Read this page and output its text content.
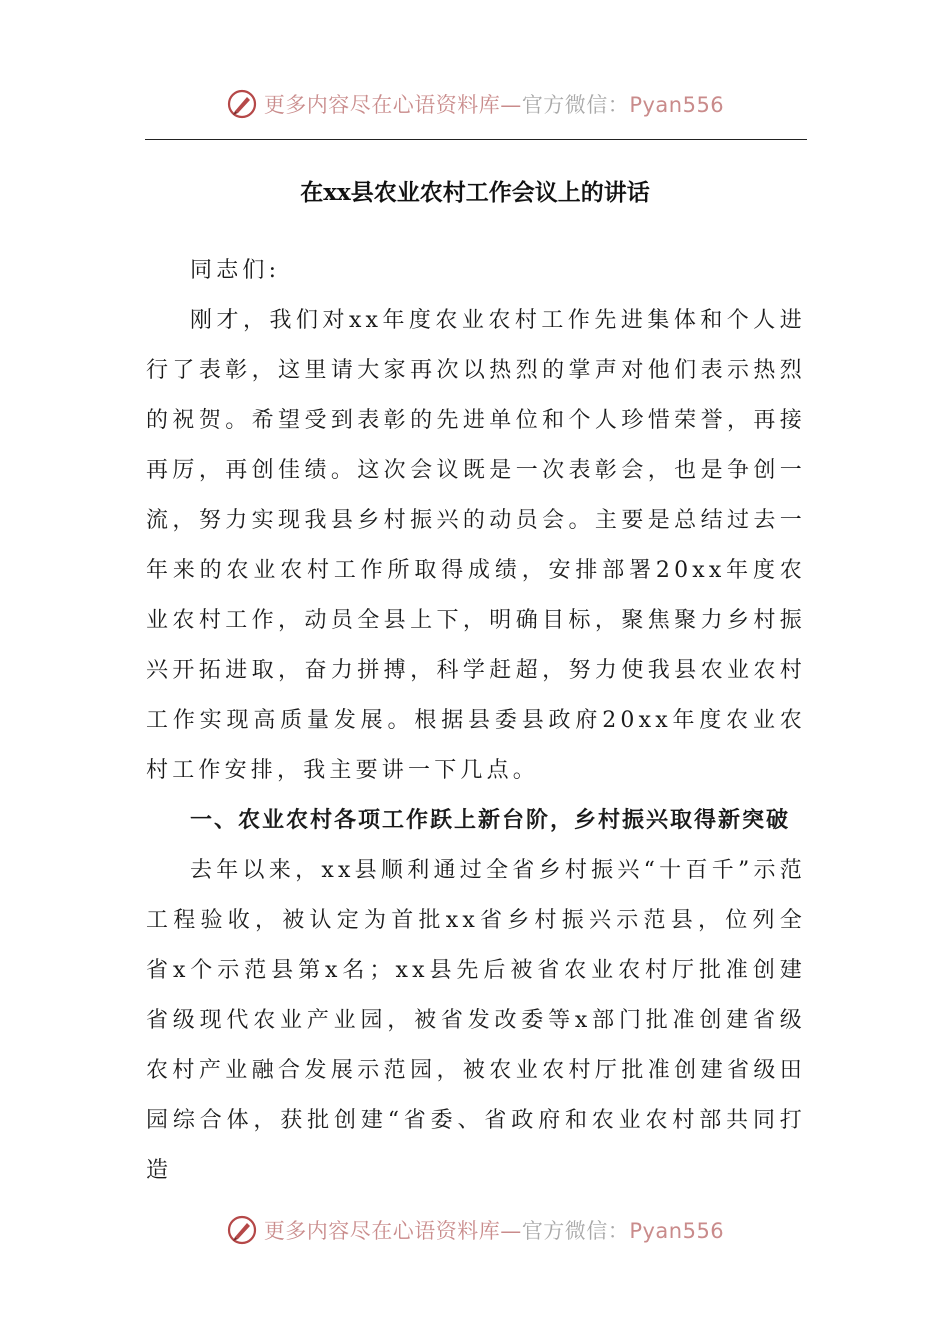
更多内容尽在心语资料库—官方微信：Pyan556
在xx县农业农村工作会议上的讲话

同志们:

刚才，我们对xx年度农业农村工作先进集体和个人进行了表彰，这里请大家再次以热烈的掌声对他们表示热烈的祝贺。希望受到表彰的先进单位和个人珍惜荣誉，再接再厉，再创佳绩。这次会议既是一次表彰会，也是争创一流，努力实现我县乡村振兴的动员会。主要是总结过去一年来的农业农村工作所取得成绩，安排部署20xx年度农业农村工作，动员全县上下，明确目标，聚焦聚力乡村振兴开拓进取，奋力拼搏，科学赶超，努力使我县农业农村工作实现高质量发展。根据县委县政府20xx年度农业农村工作安排，我主要讲一下几点。

一、农业农村各项工作跃上新台阶，乡村振兴取得新突破

去年以来，xx县顺利通过全省乡村振兴“十百千”示范工程验收，被认定为首批xx省乡村振兴示范县，位列全省x个示范县第x名；xx县先后被省农业农村厅批准创建省级现代农业产业园，被省发改委等x部门批准创建省级农村产业融合发展示范园，被农业农村厅批准创建省级田园综合体，获批创建“省委、省政府和农业农村部共同打造

更多内容尽在心语资料库—官方微信：Pyan556
